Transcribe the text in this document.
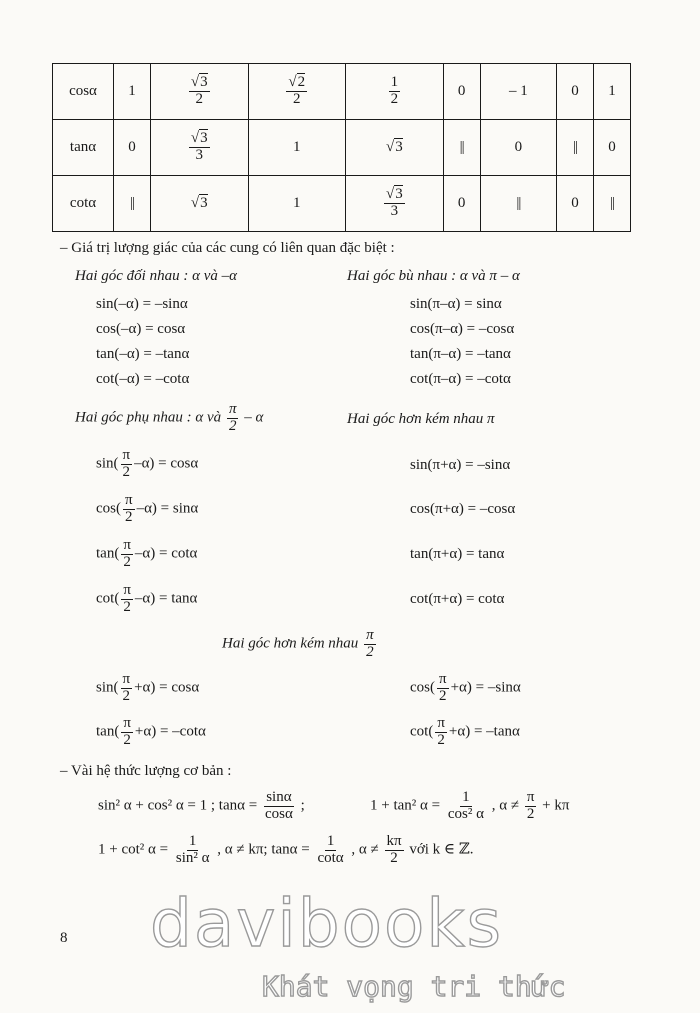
cosα	1	$\frac{√3}{2}$	$\frac{√2}{2}$	$\frac{1}{2}$	0	– 1	0	1
tanα	0	$\frac{√3}{3}$	1	√3	||	0	||	0
cotα	||	√3	1	$\frac{√3}{3}$	0	||	0	||
– Giá trị lượng giác của các cung có liên quan đặc biệt :
Hai góc đối nhau : α và –α	Hai góc bù nhau : α và π – α
sin(–α) = –sinα
cos(–α) = cosα
tan(–α) = –tanα
cot(–α) = –cotα
sin(π–α) = sinα
cos(π–α) = –cosα
tan(π–α) = –tanα
cot(π–α) = –cotα
Hai góc phụ nhau : α và $\frac{\pi}{2}$ – α	Hai góc hơn kém nhau π
$\sin( \frac{\pi}{2} -\alpha) = \cos\alpha$
$\cos( \frac{\pi}{2} -\alpha) = \sin\alpha$
$\tan( \frac{\pi}{2} -\alpha) = \cot\alpha$
$\cot( \frac{\pi}{2} -\alpha) = \tan\alpha$
sin(π+α) = –sinα
cos(π+α) = –cosα
tan(π+α) = tanα
cot(π+α) = cotα
Hai góc hơn kém nhau $\frac{\pi}{2}$
$\sin( \frac{\pi}{2} +\alpha) = \cos\alpha$
$\tan( \frac{\pi}{2} +\alpha) = -\cot\alpha$
$\cos( \frac{\pi}{2} +\alpha) = -\sin\alpha$
$\cot( \frac{\pi}{2} +\alpha) = -\tan\alpha$
– Vài hệ thức lượng cơ bản :
sin² α + cos² α = 1 ; $\tan\alpha = \frac{\sin\alpha}{\cos\alpha}$ ;	1 + tan² $\alpha = \frac{1}{\text{cos² α}}$ , $\alpha \ne \frac{\pi}{2} + k\pi$
1 + cot² $\alpha = \frac{1}{\text{sin² α}}$ , α ≠ kπ; $\tan\alpha = \frac{1}{\cot\alpha}$ , $\alpha \ne \frac{k\pi}{2}$ với k ∈ ℤ.
8 davibooks
Khát vọng tri thức
